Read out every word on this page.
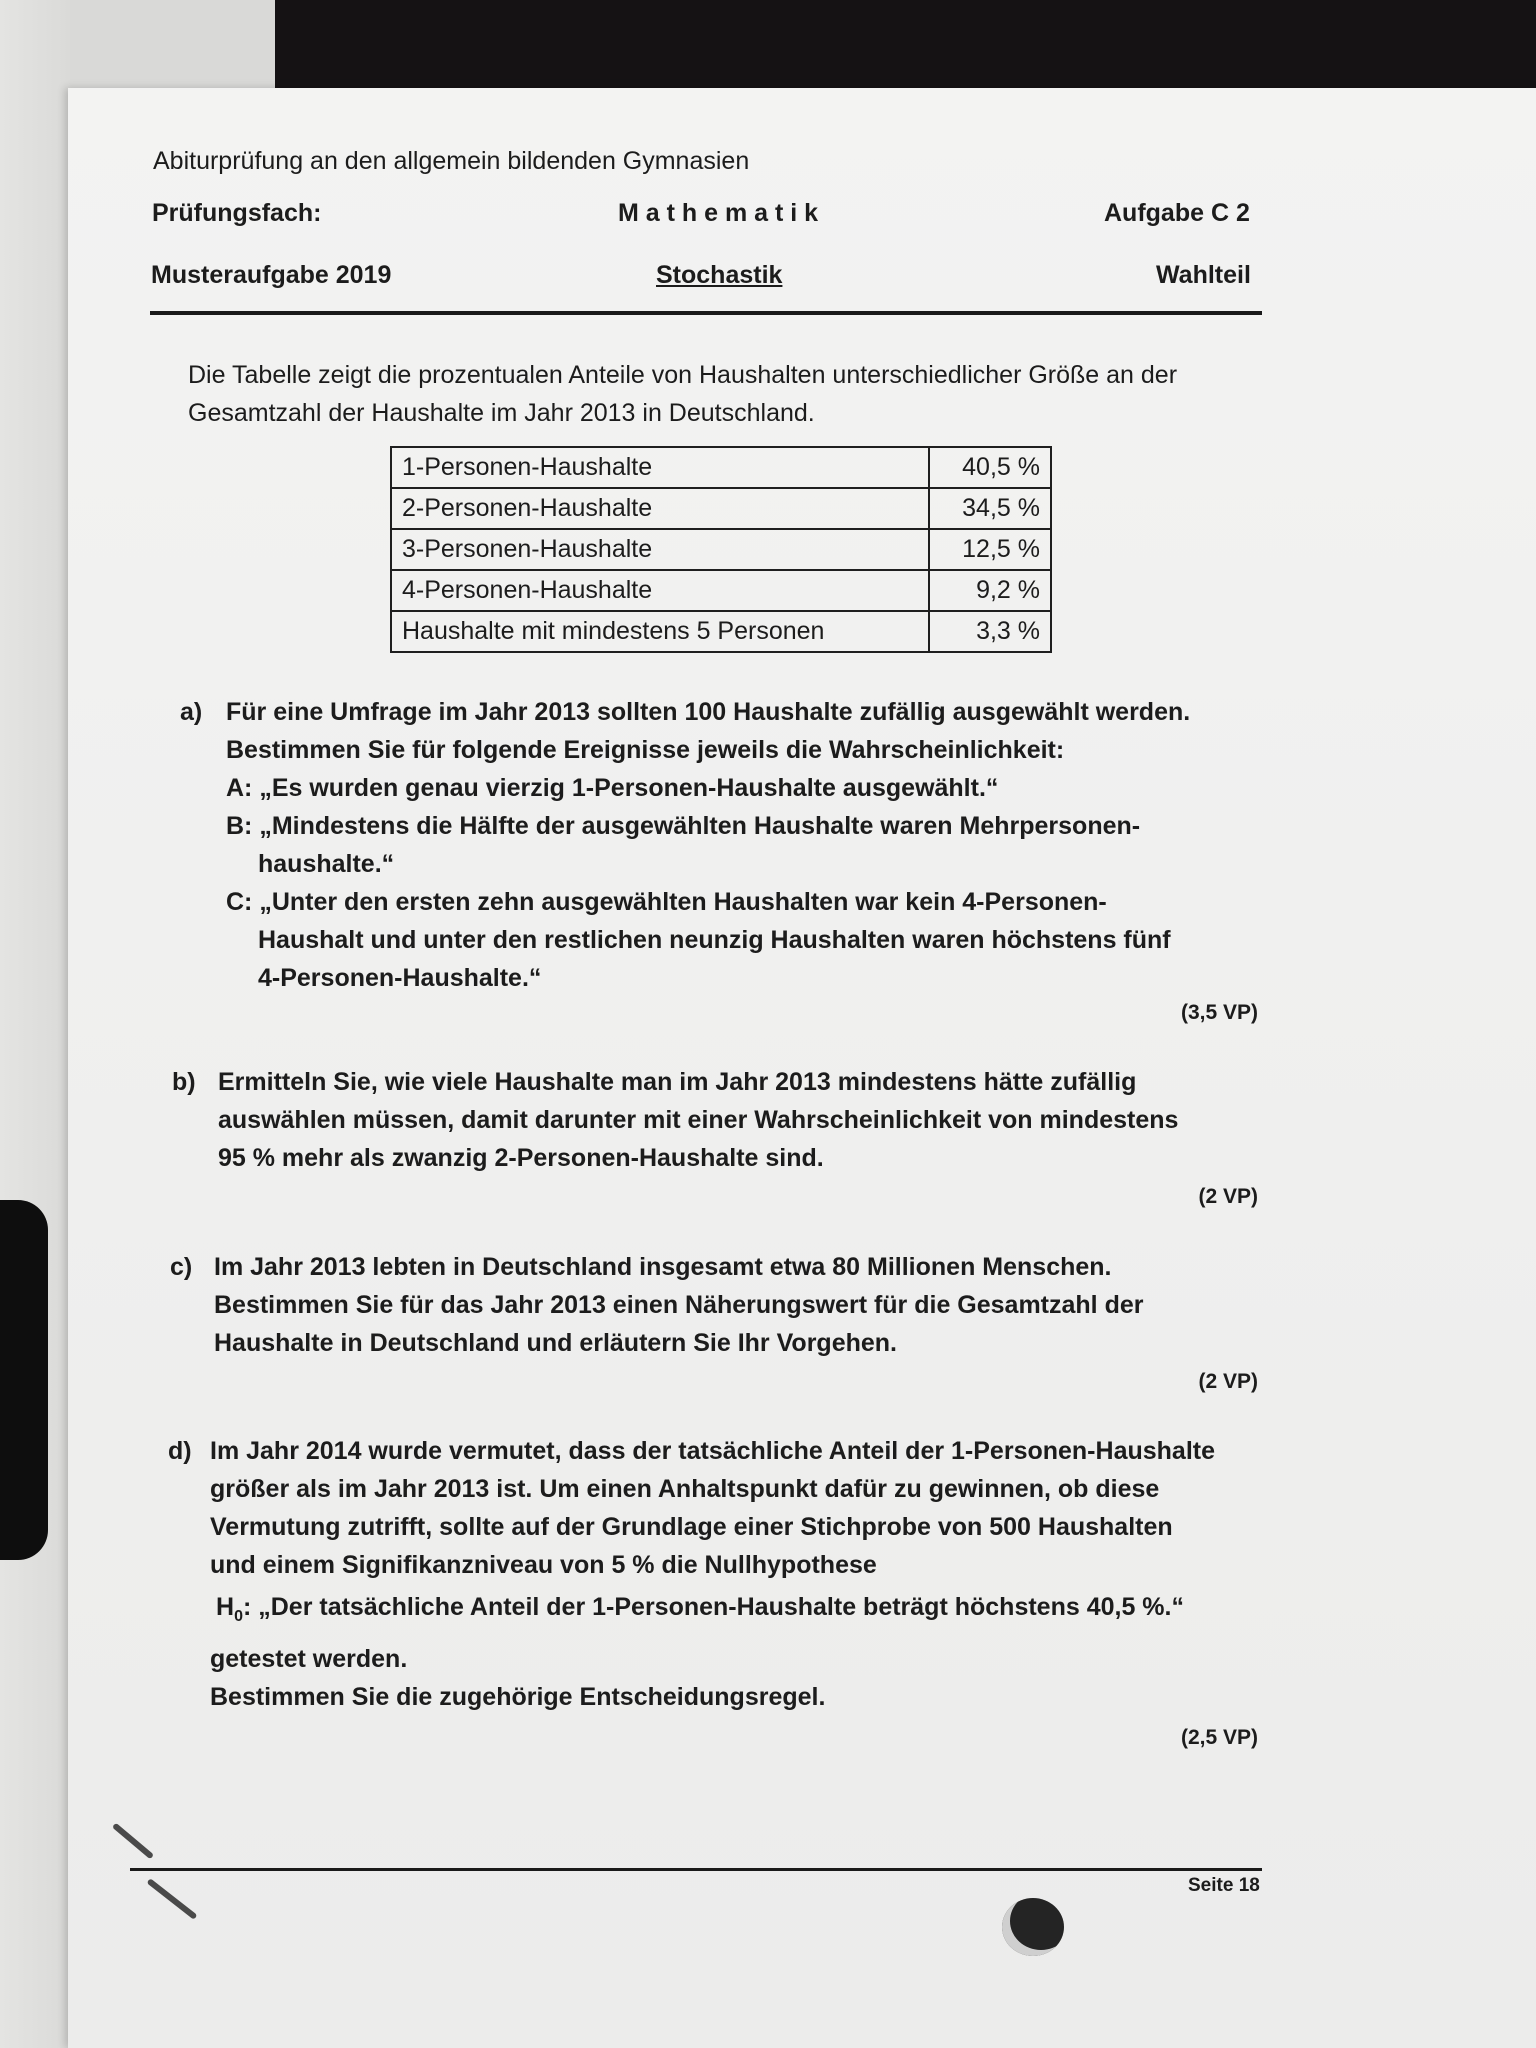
Abiturprüfung an den allgemein bildenden Gymnasien
Prüfungsfach:	M a t h e m a t i k	Aufgabe C 2
Musteraufgabe 2019	Stochastik	Wahlteil
Die Tabelle zeigt die prozentualen Anteile von Haushalten unterschiedlicher Größe an der
Gesamtzahl der Haushalte im Jahr 2013 in Deutschland.
1-Personen-Haushalte	40,5 %
2-Personen-Haushalte	34,5 %
3-Personen-Haushalte	12,5 %
4-Personen-Haushalte	9,2 %
Haushalte mit mindestens 5 Personen	3,3 %
a) Für eine Umfrage im Jahr 2013 sollten 100 Haushalte zufällig ausgewählt werden.
Bestimmen Sie für folgende Ereignisse jeweils die Wahrscheinlichkeit:
A: „Es wurden genau vierzig 1-Personen-Haushalte ausgewählt.“
B: „Mindestens die Hälfte der ausgewählten Haushalte waren Mehrpersonen-
haushalte.“
C: „Unter den ersten zehn ausgewählten Haushalten war kein 4-Personen-
Haushalt und unter den restlichen neunzig Haushalten waren höchstens fünf
4-Personen-Haushalte.“
(3,5 VP)
b) Ermitteln Sie, wie viele Haushalte man im Jahr 2013 mindestens hätte zufällig
auswählen müssen, damit darunter mit einer Wahrscheinlichkeit von mindestens
95 % mehr als zwanzig 2-Personen-Haushalte sind.
(2 VP)
c) Im Jahr 2013 lebten in Deutschland insgesamt etwa 80 Millionen Menschen.
Bestimmen Sie für das Jahr 2013 einen Näherungswert für die Gesamtzahl der
Haushalte in Deutschland und erläutern Sie Ihr Vorgehen.
(2 VP)
d) Im Jahr 2014 wurde vermutet, dass der tatsächliche Anteil der 1-Personen-Haushalte
größer als im Jahr 2013 ist. Um einen Anhaltspunkt dafür zu gewinnen, ob diese
Vermutung zutrifft, sollte auf der Grundlage einer Stichprobe von 500 Haushalten
und einem Signifikanzniveau von 5 % die Nullhypothese
$H_0$: „Der tatsächliche Anteil der 1-Personen-Haushalte beträgt höchstens 40,5 %.“
getestet werden.
Bestimmen Sie die zugehörige Entscheidungsregel.
(2,5 VP)
Seite 18
